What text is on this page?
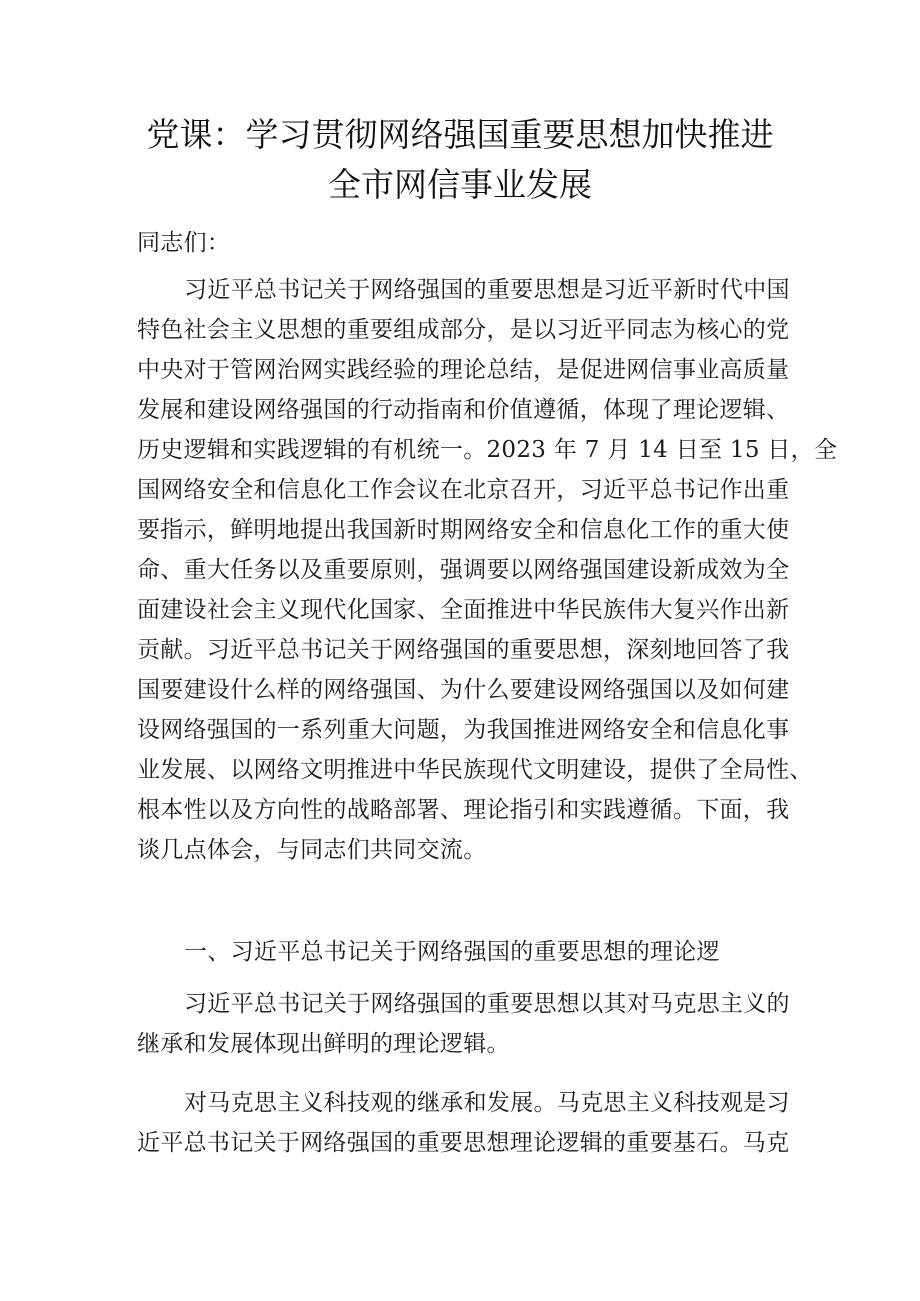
党课：学习贯彻网络强国重要思想加快推进
全市网信事业发展
同志们：
习近平总书记关于网络强国的重要思想是习近平新时代中国
特色社会主义思想的重要组成部分，是以习近平同志为核心的党
中央对于管网治网实践经验的理论总结，是促进网信事业高质量
发展和建设网络强国的行动指南和价值遵循，体现了理论逻辑、
历史逻辑和实践逻辑的有机统一。2023 年 7 月 14 日至 15 日，全
国网络安全和信息化工作会议在北京召开，习近平总书记作出重
要指示，鲜明地提出我国新时期网络安全和信息化工作的重大使
命、重大任务以及重要原则，强调要以网络强国建设新成效为全
面建设社会主义现代化国家、全面推进中华民族伟大复兴作出新
贡献。习近平总书记关于网络强国的重要思想，深刻地回答了我
国要建设什么样的网络强国、为什么要建设网络强国以及如何建
设网络强国的一系列重大问题，为我国推进网络安全和信息化事
业发展、以网络文明推进中华民族现代文明建设，提供了全局性、
根本性以及方向性的战略部署、理论指引和实践遵循。下面，我
谈几点体会，与同志们共同交流。
一、习近平总书记关于网络强国的重要思想的理论逻
习近平总书记关于网络强国的重要思想以其对马克思主义的
继承和发展体现出鲜明的理论逻辑。
对马克思主义科技观的继承和发展。马克思主义科技观是习
近平总书记关于网络强国的重要思想理论逻辑的重要基石。马克
